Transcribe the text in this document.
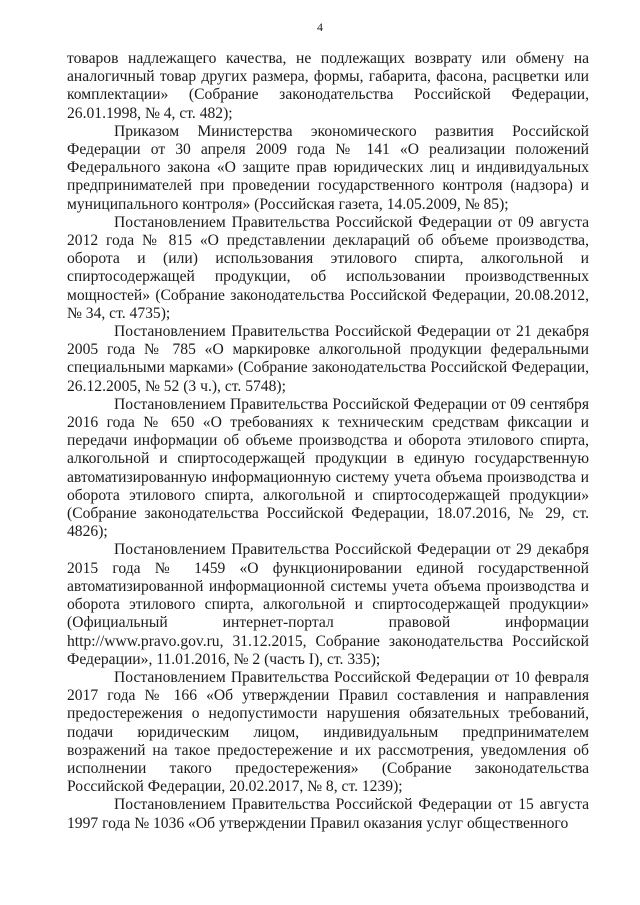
4

товаров надлежащего качества, не подлежащих возврату или обмену на аналогичный товар других размера, формы, габарита, фасона, расцветки или комплектации» (Собрание законодательства Российской Федерации, 26.01.1998, № 4, ст. 482);

Приказом Министерства экономического развития Российской Федерации от 30 апреля 2009 года № 141 «О реализации положений Федерального закона «О защите прав юридических лиц и индивидуальных предпринимателей при проведении государственного контроля (надзора) и муниципального контроля» (Российская газета, 14.05.2009, № 85);

Постановлением Правительства Российской Федерации от 09 августа 2012 года № 815 «О представлении деклараций об объеме производства, оборота и (или) использования этилового спирта, алкогольной и спиртосодержащей продукции, об использовании производственных мощностей» (Собрание законодательства Российской Федерации, 20.08.2012, № 34, ст. 4735);

Постановлением Правительства Российской Федерации от 21 декабря 2005 года № 785 «О маркировке алкогольной продукции федеральными специальными марками» (Собрание законодательства Российской Федерации, 26.12.2005, № 52 (3 ч.), ст. 5748);

Постановлением Правительства Российской Федерации от 09 сентября 2016 года № 650 «О требованиях к техническим средствам фиксации и передачи информации об объеме производства и оборота этилового спирта, алкогольной и спиртосодержащей продукции в единую государственную автоматизированную информационную систему учета объема производства и оборота этилового спирта, алкогольной и спиртосодержащей продукции» (Собрание законодательства Российской Федерации, 18.07.2016, № 29, ст. 4826);

Постановлением Правительства Российской Федерации от 29 декабря 2015 года № 1459 «О функционировании единой государственной автоматизированной информационной системы учета объема производства и оборота этилового спирта, алкогольной и спиртосодержащей продукции» (Официальный интернет-портал правовой информации http://www.pravo.gov.ru, 31.12.2015, Собрание законодательства Российской Федерации», 11.01.2016, № 2 (часть I), ст. 335);

Постановлением Правительства Российской Федерации от 10 февраля 2017 года № 166 «Об утверждении Правил составления и направления предостережения о недопустимости нарушения обязательных требований, подачи юридическим лицом, индивидуальным предпринимателем возражений на такое предостережение и их рассмотрения, уведомления об исполнении такого предостережения» (Собрание законодательства Российской Федерации, 20.02.2017, № 8, ст. 1239);

Постановлением Правительства Российской Федерации от 15 августа 1997 года № 1036 «Об утверждении Правил оказания услуг общественного
